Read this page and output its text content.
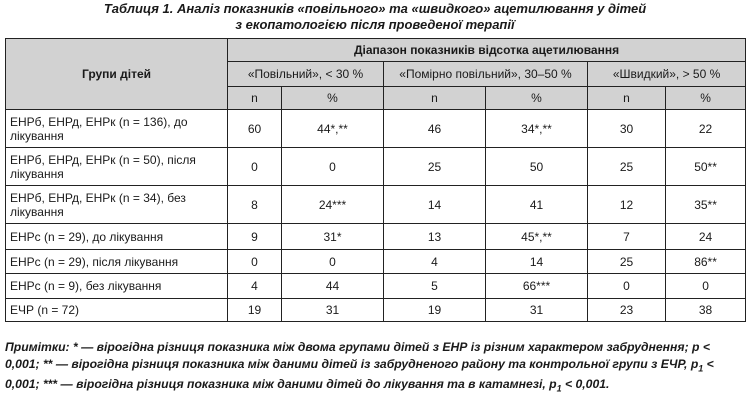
Таблиця 1. Аналіз показників «повільного» та «швидкого» ацетилювання у дітей
з екопатологією після проведеної терапії

Групи дітей	Діапазон показників відсотка ацетилювання					
	«Повільний», < 30 %		«Помірно повільний», 30–50 %		«Швидкий», > 50 %	
	n	%	n	%	n	%
ЕНРб, ЕНРд, ЕНРк (n = 136), до лікування	60	44*,**	46	34*,**	30	22
ЕНРб, ЕНРд, ЕНРк (n = 50), після лікування	0	0	25	50	25	50**
ЕНРб, ЕНРд, ЕНРк (n = 34), без лікування	8	24***	14	41	12	35**
ЕНРс (n = 29), до лікування	9	31*	13	45*,**	7	24
ЕНРс (n = 29), після лікування	0	0	4	14	25	86**
ЕНРс (n = 9), без лікування	4	44	5	66***	0	0
ЕЧР (n = 72)	19	31	19	31	23	38
Примітки: * — вірогідна різниця показника між двома групами дітей з ЕНР із різним характером забруднення; p < 0,001; ** — вірогідна різниця показника між даними дітей із забрудненого району та контрольної групи з ЕЧР, $p_1 < 0,001$; *** — вірогідна різниця показника між даними дітей до лікування та в катамнезі, $p_1 < 0,001$.
